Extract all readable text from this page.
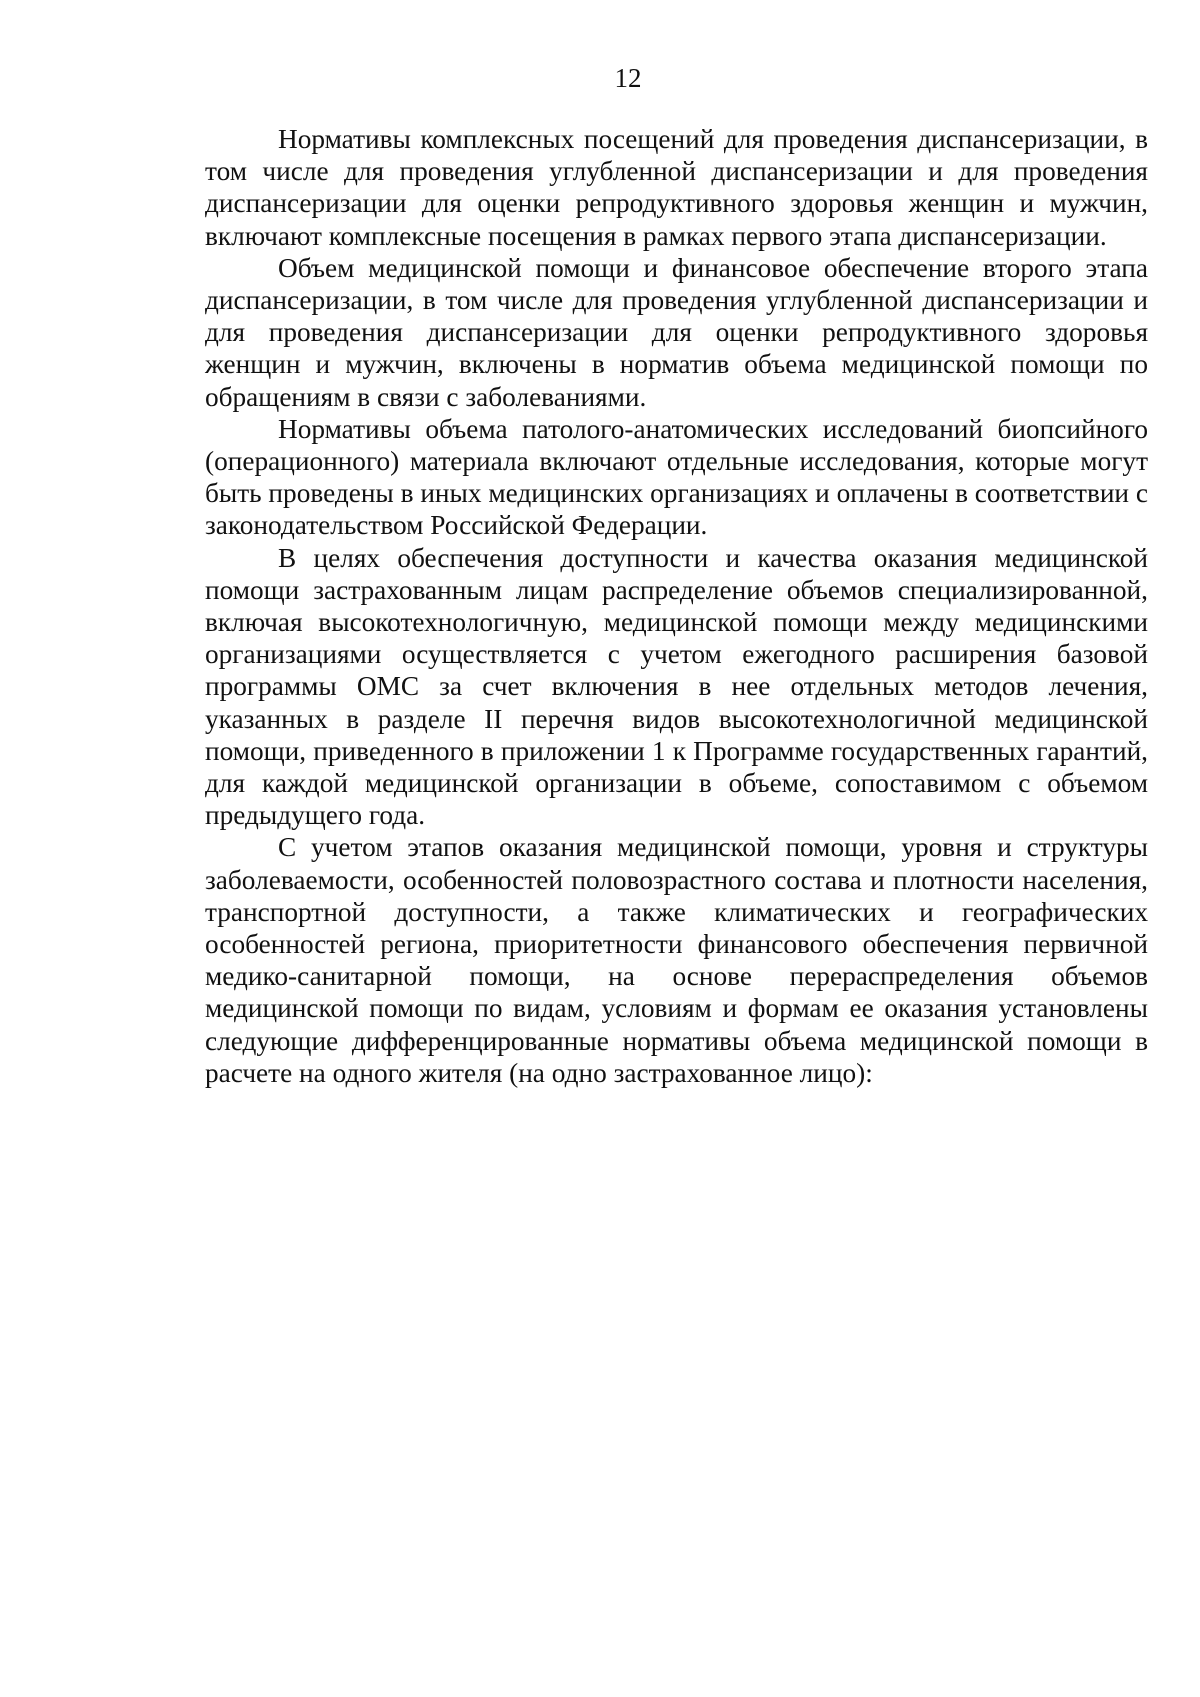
12

Нормативы комплексных посещений для проведения диспансеризации, в том числе для проведения углубленной диспансеризации и для проведения диспансеризации для оценки репродуктивного здоровья женщин и мужчин, включают комплексные посещения в рамках первого этапа диспансеризации.

Объем медицинской помощи и финансовое обеспечение второго этапа диспансеризации, в том числе для проведения углубленной диспансеризации и для проведения диспансеризации для оценки репродуктивного здоровья женщин и мужчин, включены в норматив объема медицинской помощи по обращениям в связи с заболеваниями.

Нормативы объема патолого-анатомических исследований биопсийного (операционного) материала включают отдельные исследования, которые могут быть проведены в иных медицинских организациях и оплачены в соответствии с законодательством Российской Федерации.

В целях обеспечения доступности и качества оказания медицинской помощи застрахованным лицам распределение объемов специализированной, включая высокотехнологичную, медицинской помощи между медицинскими организациями осуществляется с учетом ежегодного расширения базовой программы ОМС за счет включения в нее отдельных методов лечения, указанных в разделе II перечня видов высокотехнологичной медицинской помощи, приведенного в приложении 1 к Программе государственных гарантий, для каждой медицинской организации в объеме, сопоставимом с объемом предыдущего года.

С учетом этапов оказания медицинской помощи, уровня и структуры заболеваемости, особенностей половозрастного состава и плотности населения, транспортной доступности, а также климатических и географических особенностей региона, приоритетности финансового обеспечения первичной медико-санитарной помощи, на основе перераспределения объемов медицинской помощи по видам, условиям и формам ее оказания установлены следующие дифференцированные нормативы объема медицинской помощи в расчете на одного жителя (на одно застрахованное лицо):
